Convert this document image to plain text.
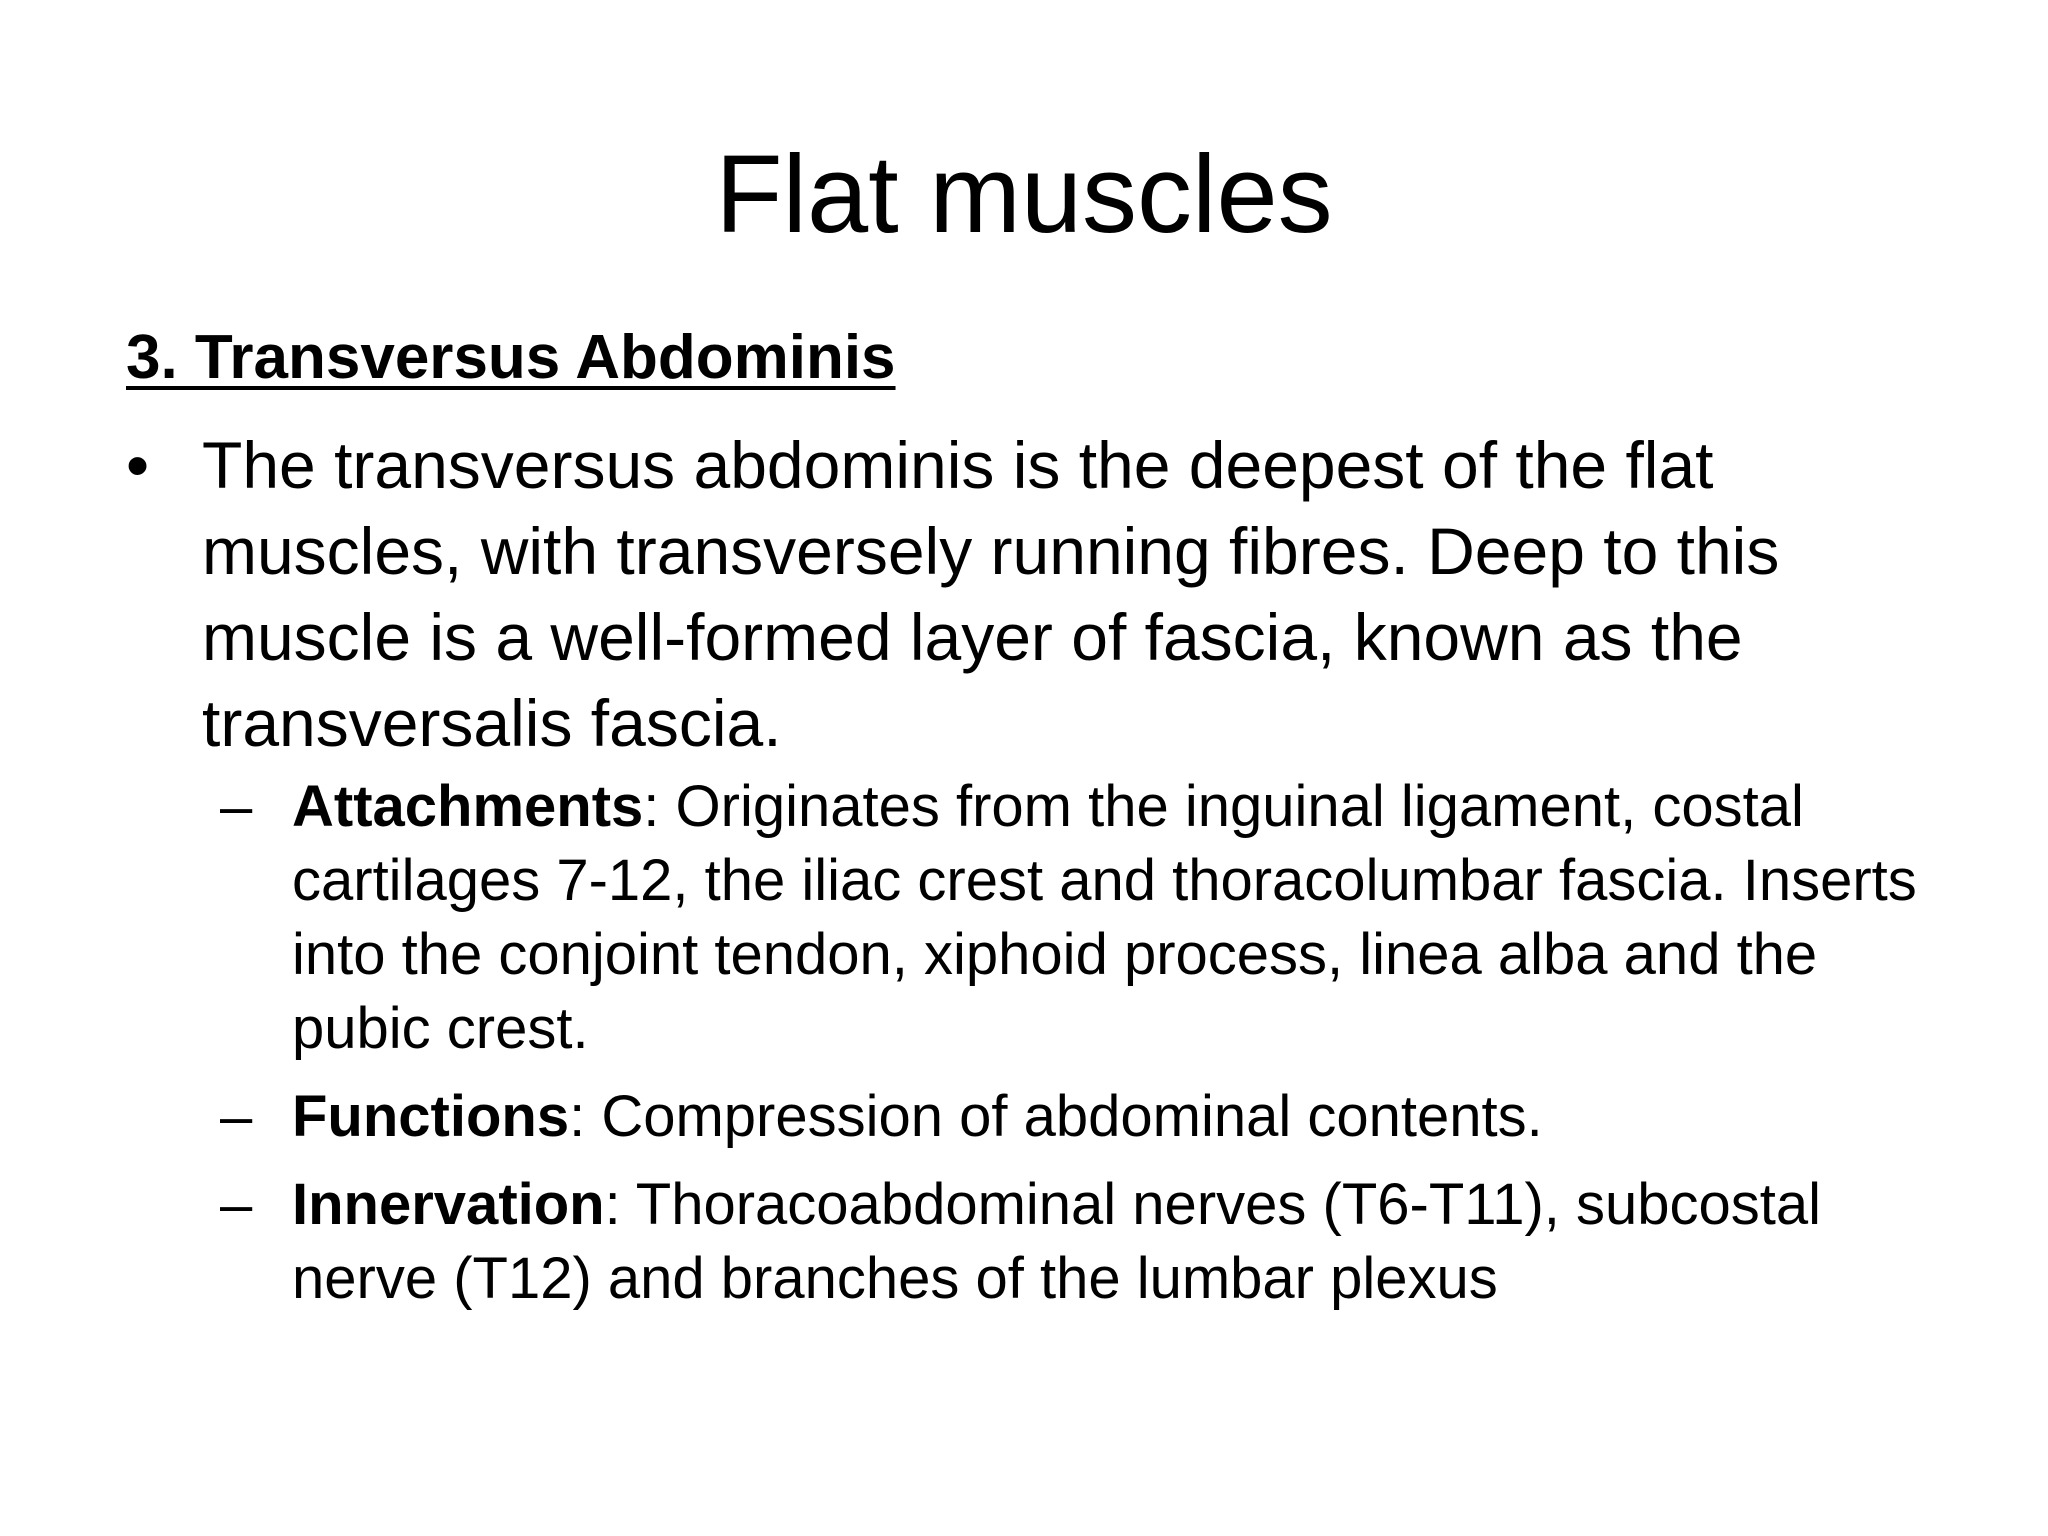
Flat muscles
3. Transversus Abdominis
• The transversus abdominis is the deepest of the flat muscles, with transversely running fibres. Deep to this muscle is a well-formed layer of fascia, known as the transversalis fascia.
– Attachments: Originates from the inguinal ligament, costal cartilages 7-12, the iliac crest and thoracolumbar fascia. Inserts into the conjoint tendon, xiphoid process, linea alba and the pubic crest.
– Functions: Compression of abdominal contents.
– Innervation: Thoracoabdominal nerves (T6-T11), subcostal nerve (T12) and branches of the lumbar plexus
